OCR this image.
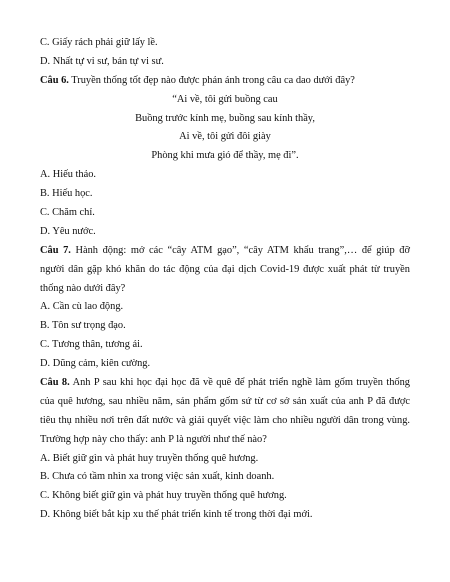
C. Giấy rách phải giữ lấy lề.
D. Nhất tự vi sư, bán tự vi sư.
Câu 6. Truyền thống tốt đẹp nào được phản ánh trong câu ca dao dưới đây?
“Ai về, tôi gửi buồng cau
Buồng trước kính mẹ, buồng sau kính thầy,
Ai về, tôi gửi đôi giày
Phòng khi mưa gió để thầy, mẹ đi”.
A. Hiếu thảo.
B. Hiếu học.
C. Chăm chỉ.
D. Yêu nước.
Câu 7. Hành động: mở các “cây ATM gạo”, “cây ATM khẩu trang”,… để giúp đỡ
người dân gặp khó khăn do tác động của đại dịch Covid-19 được xuất phát từ truyền
thống nào dưới đây?
A. Cần cù lao động.
B. Tôn sư trọng đạo.
C. Tương thân, tương ái.
D. Dũng cảm, kiên cường.
Câu 8. Anh P sau khi học đại học đã về quê để phát triển nghề làm gốm truyền thống
của quê hương, sau nhiều năm, sản phẩm gốm sứ từ cơ sở sản xuất của anh P đã được
tiêu thụ nhiều nơi trên đất nước và giải quyết việc làm cho nhiều người dân trong vùng.
Trường hợp này cho thấy: anh P là người như thế nào?
A. Biết giữ gìn và phát huy truyền thống quê hương.
B. Chưa có tầm nhìn xa trong việc sản xuất, kinh doanh.
C. Không biết giữ gìn và phát huy truyền thống quê hương.
D. Không biết bắt kịp xu thế phát triển kinh tế trong thời đại mới.
